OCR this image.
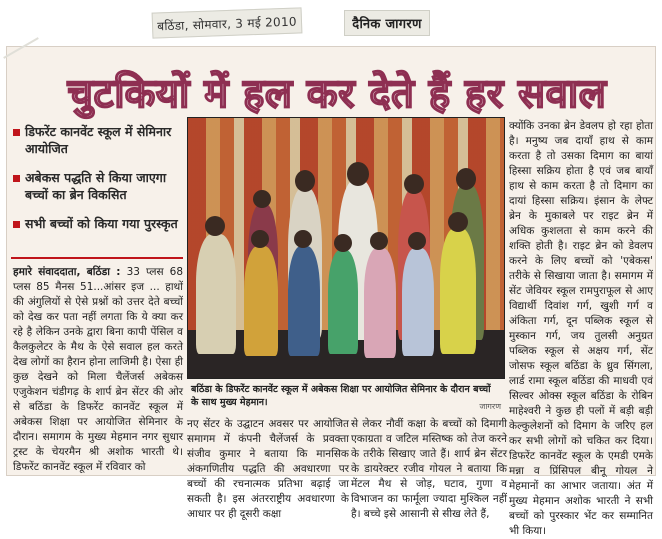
बठिंडा, सोमवार, 3 मई 2010	दैनिक जागरण
चुटकियों में हल कर देते हैं हर सवाल
डिफरेंट कानवेंट स्कूल में सेमिनार आयोजित
अबेकस पद्धति से किया जाएगा बच्चों का ब्रेन विकसित
सभी बच्चों को किया गया पुरस्कृत
बठिंडा के डिफरेंट कानवेंट स्कूल में अबेकस शिक्षा पर आयोजित सेमिनार के दौरान बच्चों के साथ मुख्य मेहमान।	जागरण
हमारे संवाददाता, बठिंडा : 33 प्लस 68 प्लस 85 मैनस 51...आंसर इज ... हाथों की अंगुलियों से ऐसे प्रश्नों को उत्तर देते बच्चों को देख कर पता नहीं लगता कि ये क्या कर रहे है लेकिन उनके द्वारा बिना कापी पेंसिल व कैलकुलेटर के मैथ के ऐसे सवाल हल करते देख लोगों का हैरान होना लाजिमी है। ऐसा ही कुछ देखने को मिला चैलेंजर्स अबेकस एजुकेशन चंडीगढ़ के शार्प ब्रेन सेंटर की ओर से बठिंडा के डिफरेंट कानवेंट स्कूल में अबेकस शिक्षा पर आयोजित सेमिनार के दौरान। समागम के मुख्य मेहमान नगर सुधार ट्रस्ट के चेयरमैन श्री अशोक भारती थे। डिफरेंट कानवेंट स्कूल में रविवार को
नए सेंटर के उद्घाटन अवसर पर आयोजित समागम में कंपनी चैलेंजर्स के प्रवक्ता संजीव कुमार ने बताया कि मानसिक अंकगणितीय पद्धति की अवधारणा पर बच्चों की रचनात्मक प्रतिभा बढ़ाई जा सकती है। इस अंतरराष्ट्रीय अवधारणा के आधार पर ही दूसरी कक्षा
से लेकर नौवीं कक्षा के बच्चों को दिमागी एकाग्रता व जटिल मस्तिष्क को तेज करने के तरीके सिखाए जाते हैं। शार्प ब्रेन सेंटर के डायरेक्टर रजीव गोयल ने बताया कि मेंटल मैथ से जोड़, घटाव, गुणा व विभाजन का फार्मूला ज्यादा मुश्किल नहीं है। बच्चे इसे आसानी से सीख लेते हैं,
क्योंकि उनका ब्रेन डेवलप हो रहा होता है। मनुष्य जब दायाँ हाथ से काम करता है तो उसका दिमाग का बायां हिस्सा सक्रिय होता है एवं जब बायाँ हाथ से काम करता है तो दिमाग का दायां हिस्सा सक्रिय। इंसान के लेफ्ट ब्रेन के मुकाबले पर राइट ब्रेन में अधिक कुशलता से काम करने की शक्ति होती है। राइट ब्रेन को डेवलप करने के लिए बच्चों को 'एबेकस' तरीके से सिखाया जाता है। समागम में सेंट जेवियर स्कूल रामपुराफूल से आए विद्यार्थी दिवांश गर्ग, खुशी गर्ग व अंकिता गर्ग, दून पब्लिक स्कूल से मुस्कान गर्ग, जय तुलसी अनुग्रत पब्लिक स्कूल से अक्षय गर्ग, सेंट जोसफ स्कूल बठिंडा के ध्रुव सिंगला, लार्ड रामा स्कूल बठिंडा की माधवी एवं सिल्वर ओक्स स्कूल बठिंडा के रोबिन माहेश्वरी ने कुछ ही पलों में बड़ी बड़ी केल्कुलेशनों को दिमाग के जरिए हल कर सभी लोगों को चकित कर दिया। डिफरेंट कानवेंट स्कूल के एमडी एमके मन्ना व प्रिंसिपल बीनू गोयल ने मेहमानों का आभार जताया। अंत में मुख्य मेहमान अशोक भारती ने सभी बच्चों को पुरस्कार भेंट कर सम्मानित भी किया।
